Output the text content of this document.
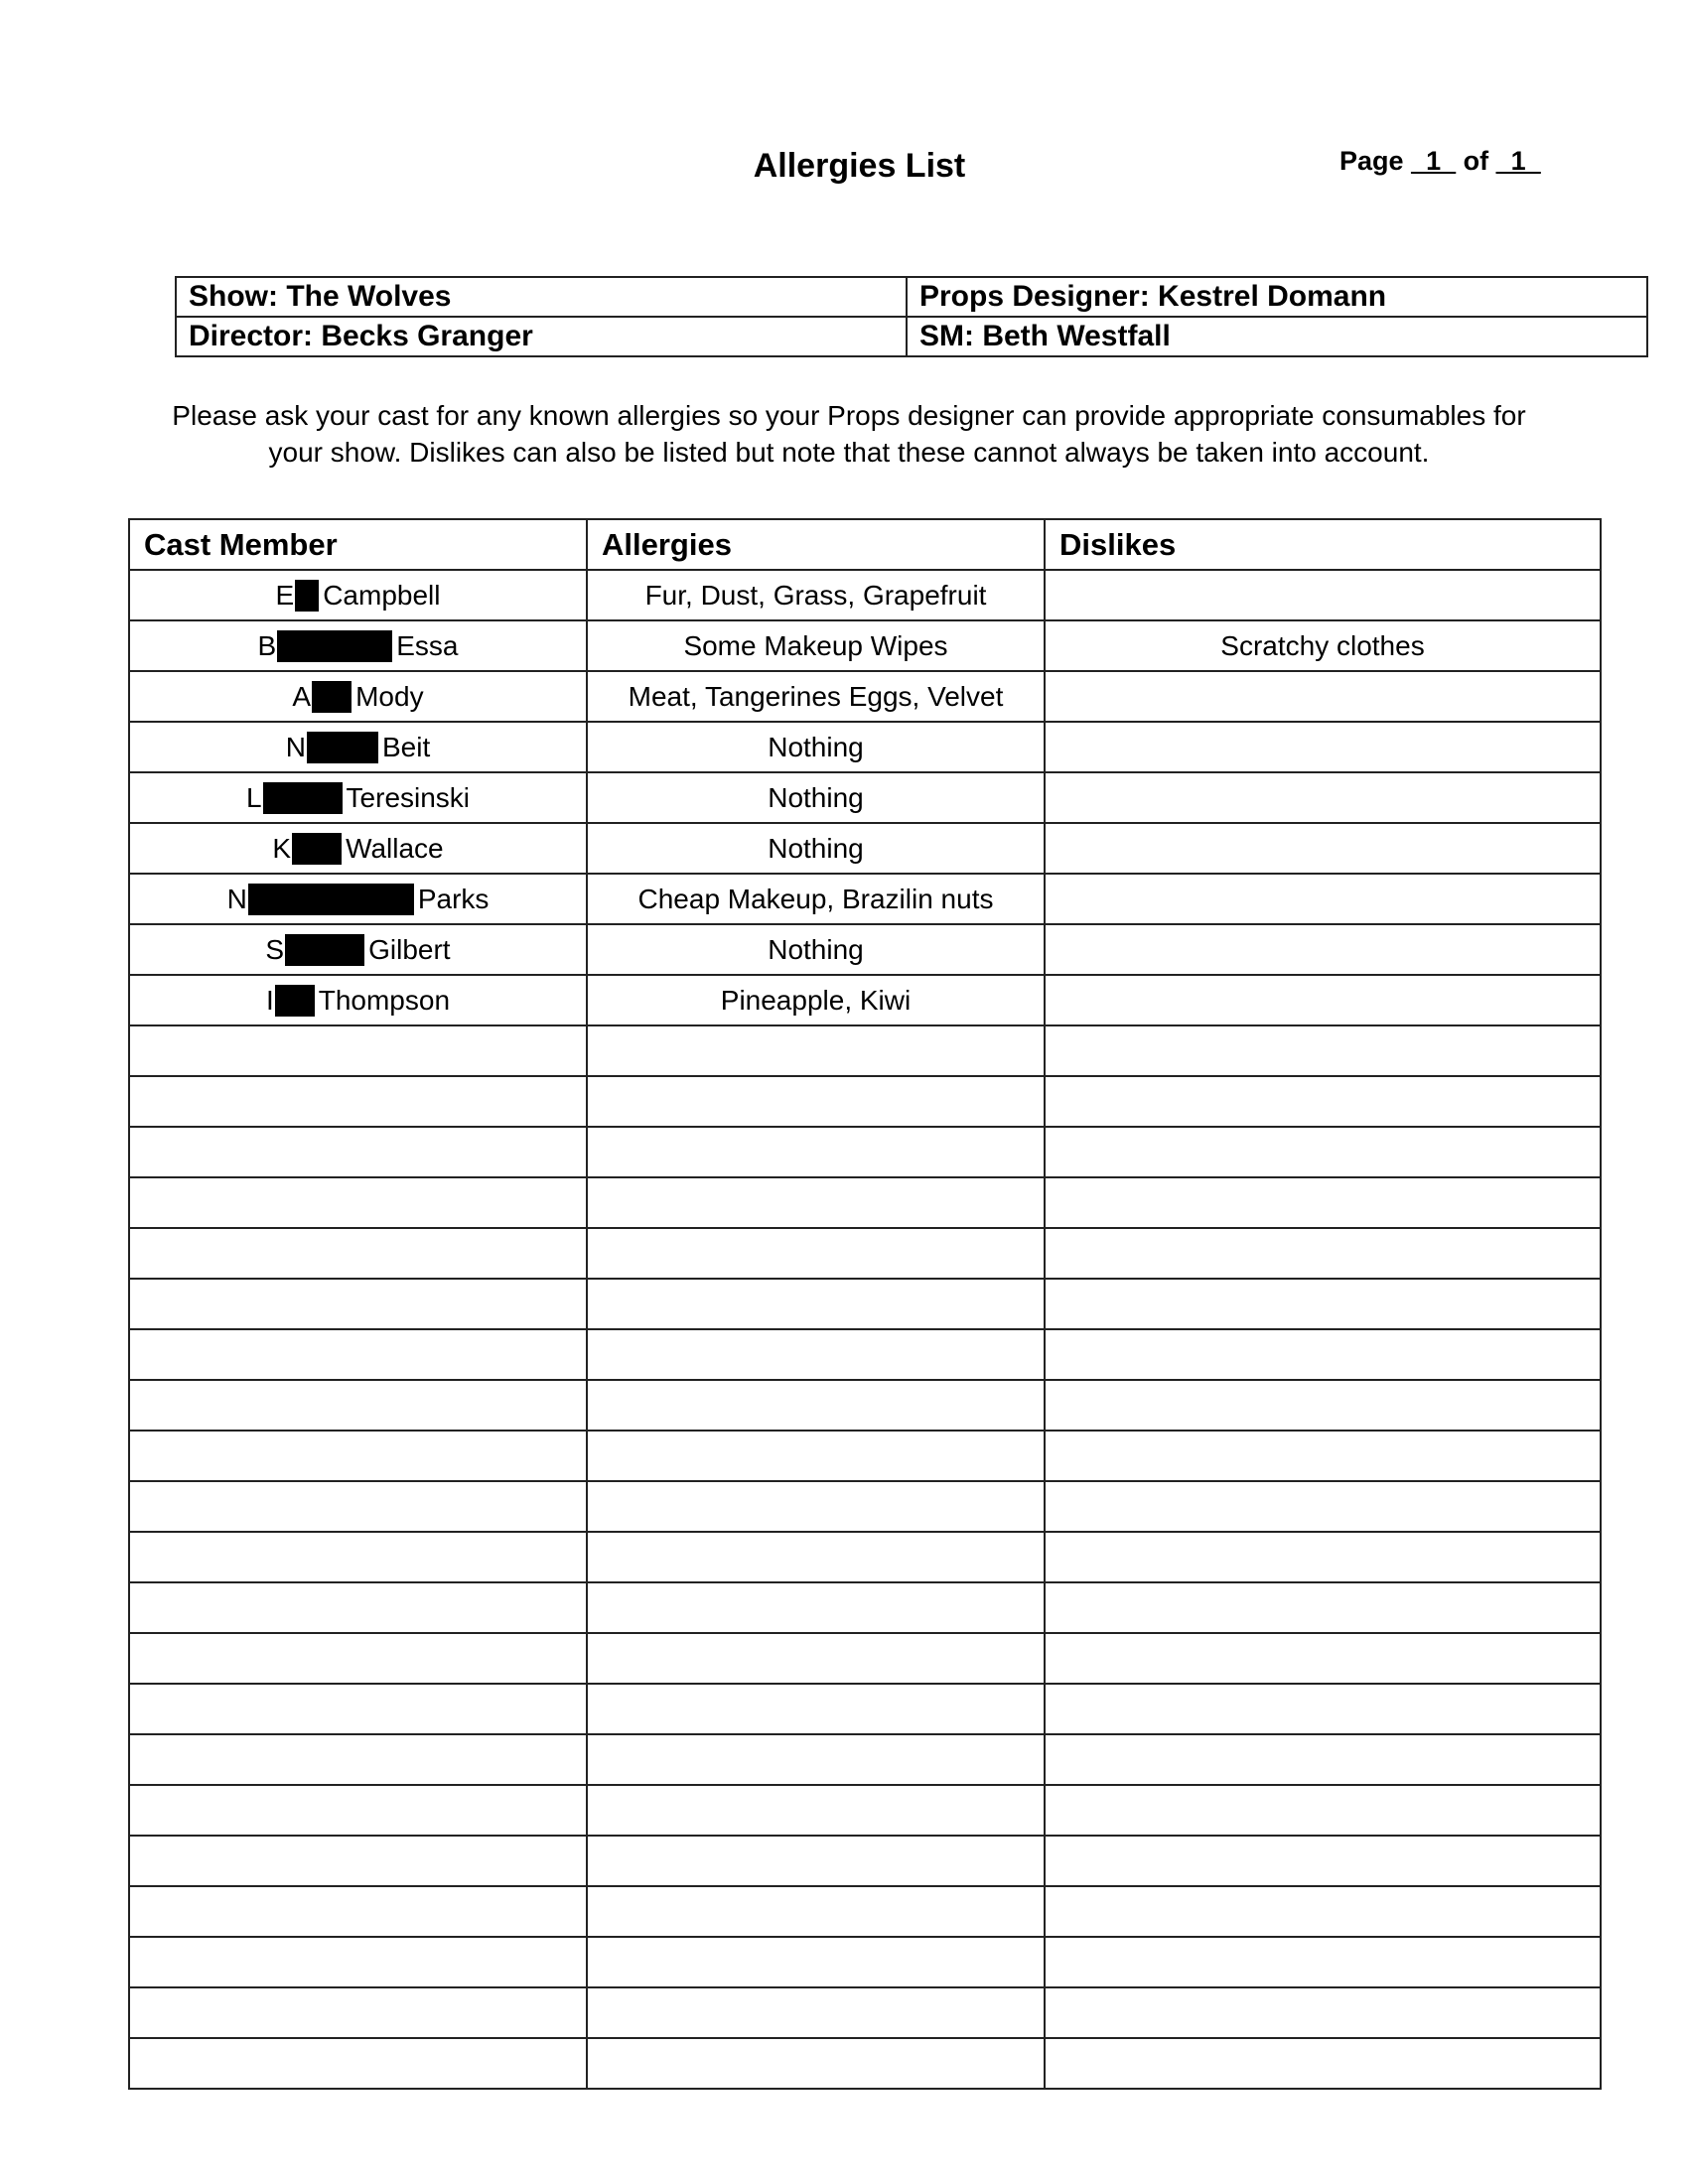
Allergies List	Page _1_ of _1_
Show: The Wolves	Props Designer: Kestrel Domann
Director: Becks Granger	SM: Beth Westfall

Please ask your cast for any known allergies so your Props designer can provide appropriate consumables for your show. Dislikes can also be listed but note that these cannot always be taken into account.

Cast Member	Allergies	Dislikes

E Campbell	Fur, Dust, Grass, Grapefruit	

B Essa	Some Makeup Wipes	Scratchy clothes

A Mody	Meat, Tangerines Eggs, Velvet	

N Beit	Nothing	

L Teresinski	Nothing	

K Wallace	Nothing	

N Parks	Cheap Makeup, Brazilin nuts	

S Gilbert	Nothing	

I Thompson	Pineapple, Kiwi	
